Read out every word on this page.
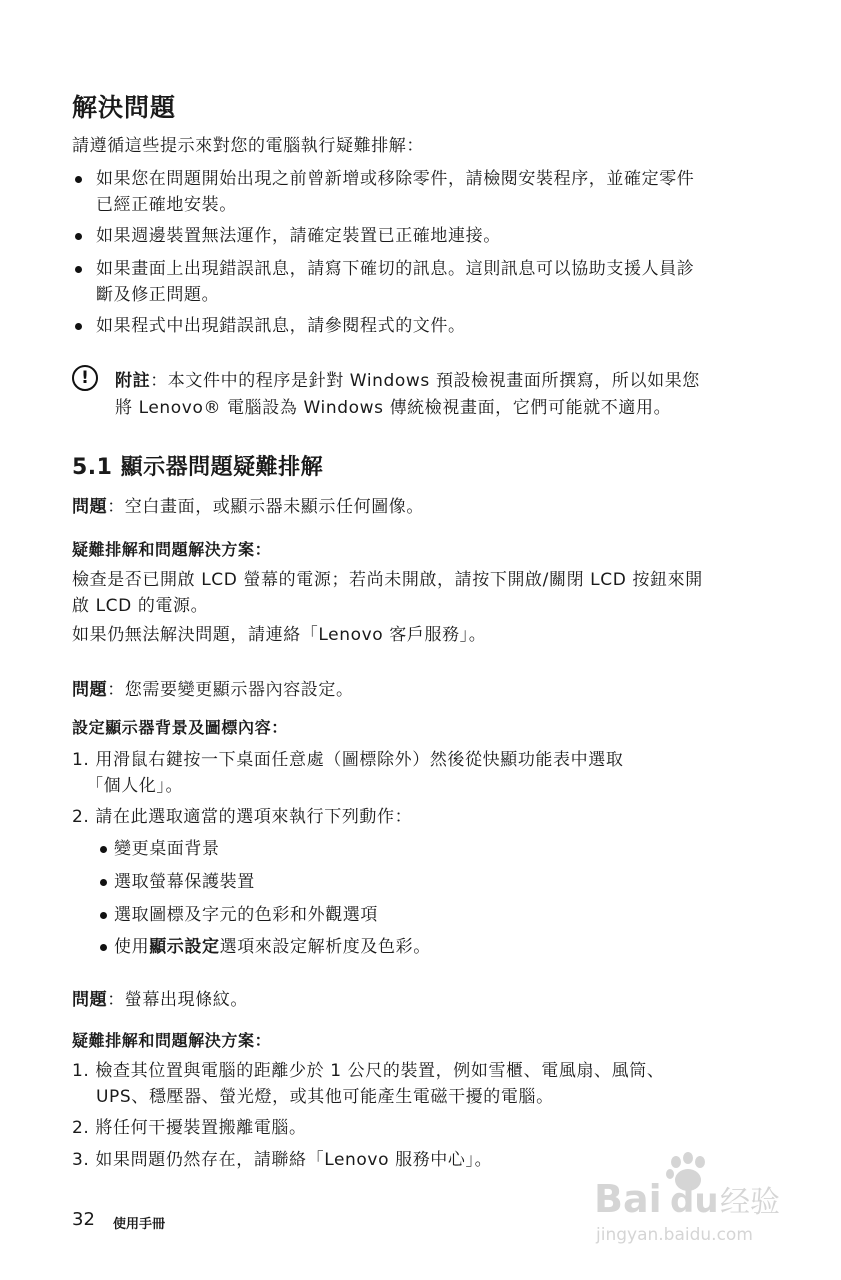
解決問題
請遵循這些提示來對您的電腦執行疑難排解：
如果您在問題開始出現之前曾新增或移除零件，請檢閱安裝程序，並確定零件
已經正確地安裝。
如果週邊裝置無法運作，請確定裝置已正確地連接。
如果畫面上出現錯誤訊息，請寫下確切的訊息。這則訊息可以協助支援人員診
斷及修正問題。
如果程式中出現錯誤訊息，請參閱程式的文件。
!	附註：本文件中的程序是針對 Windows 預設檢視畫面所撰寫，所以如果您
將 Lenovo® 電腦設為 Windows 傳統檢視畫面，它們可能就不適用。
5.1 顯示器問題疑難排解
問題：空白畫面，或顯示器未顯示任何圖像。
疑難排解和問題解決方案：
檢查是否已開啟 LCD 螢幕的電源；若尚未開啟，請按下開啟/關閉 LCD 按鈕來開
啟 LCD 的電源。
如果仍無法解決問題，請連絡「Lenovo 客戶服務」。
問題：您需要變更顯示器內容設定。
設定顯示器背景及圖標內容：
1. 用滑鼠右鍵按一下桌面任意處（圖標除外）然後從快顯功能表中選取
「個人化」。
2. 請在此選取適當的選項來執行下列動作：
變更桌面背景
選取螢幕保護裝置
選取圖標及字元的色彩和外觀選項
使用顯示設定選項來設定解析度及色彩。
問題：螢幕出現條紋。
疑難排解和問題解決方案：
1. 檢查其位置與電腦的距離少於 1 公尺的裝置，例如雪櫃、電風扇、風筒、
UPS、穩壓器、螢光燈，或其他可能產生電磁干擾的電腦。
2. 將任何干擾裝置搬離電腦。
3. 如果問題仍然存在，請聯絡「Lenovo 服務中心」。
32 使用手冊
Bai du 经验
jingyan.baidu.com
